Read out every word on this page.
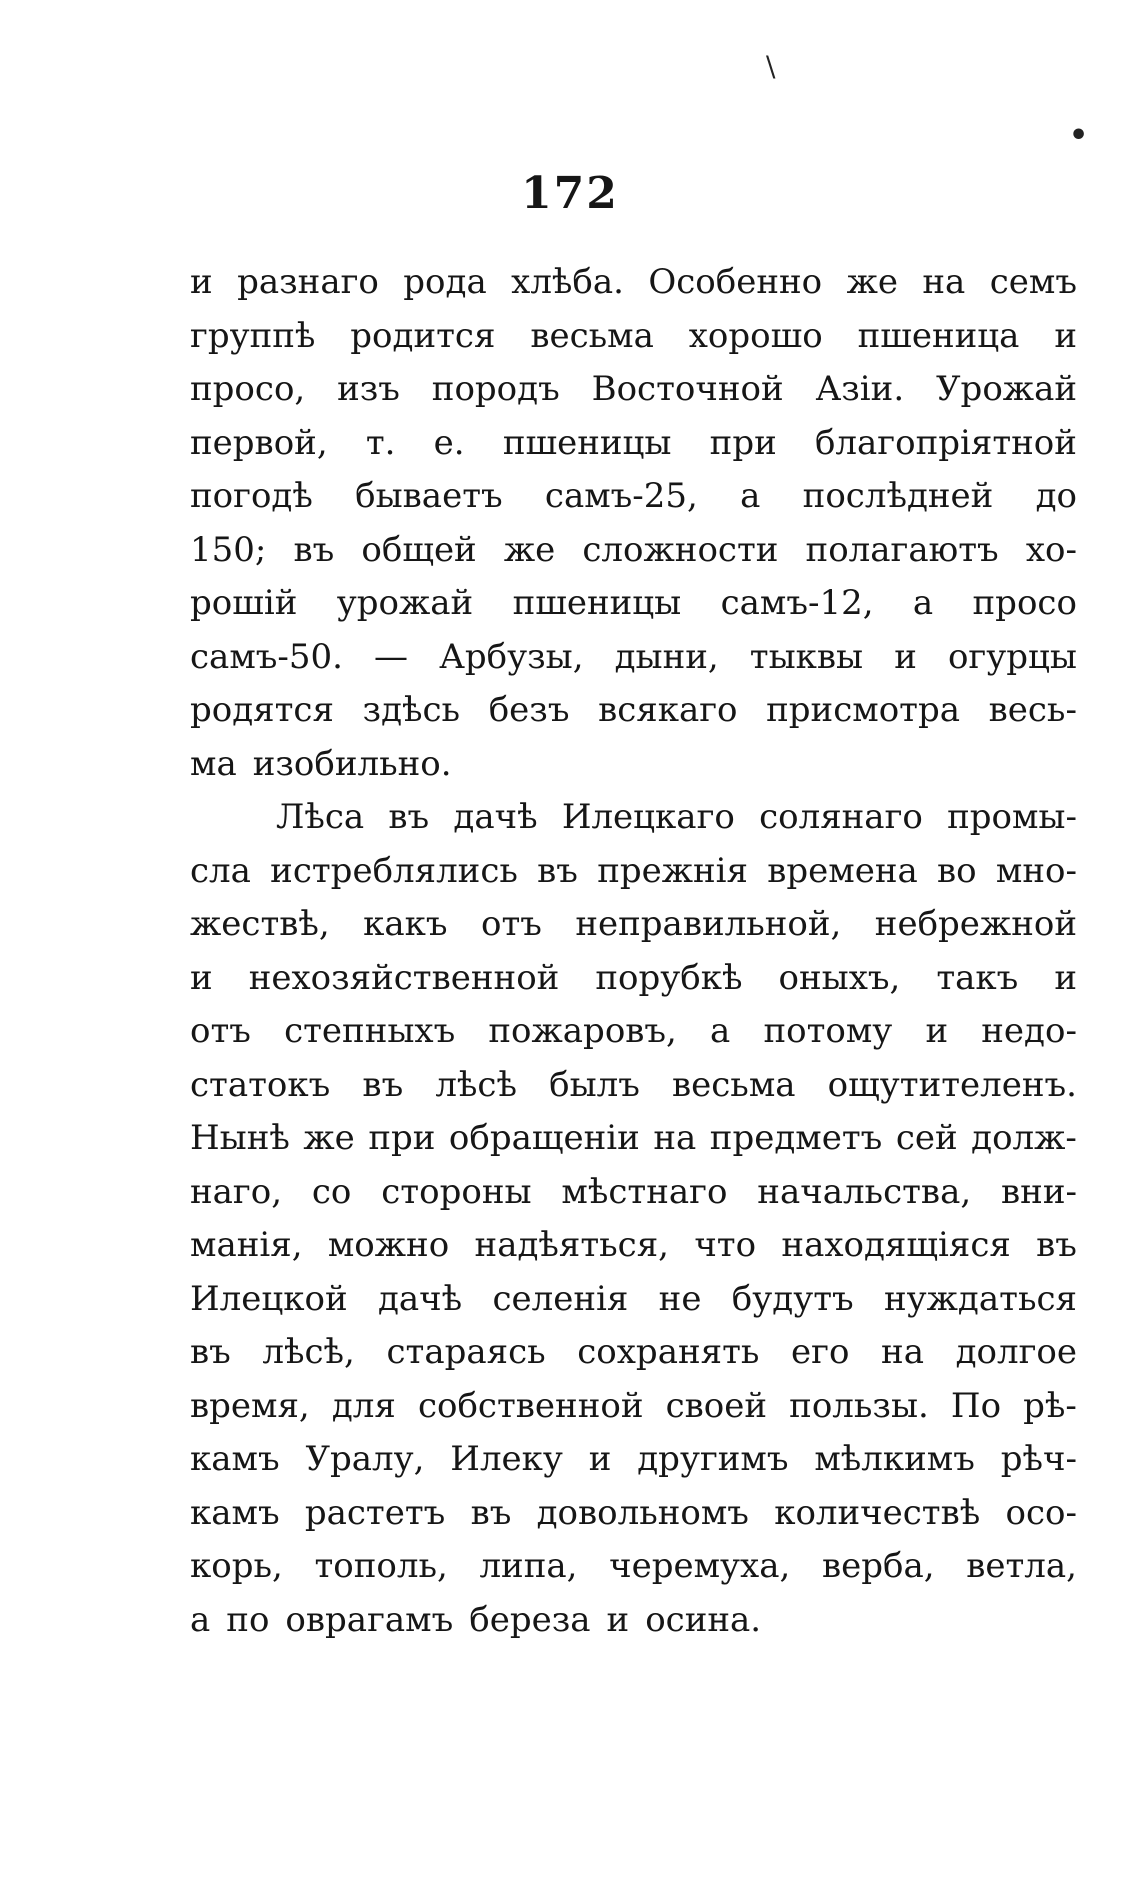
\
•
172
и разнаго рода хлѣба. Особенно же на семъ
группѣ родится весьма хорошо пшеница и
просо, изъ породъ Восточной Азіи. Урожай
первой, т. е. пшеницы при благопріятной
погодѣ бываетъ самъ-25, а послѣдней до
150; въ общей же сложности полагаютъ хо-
рошій урожай пшеницы самъ-12, а просо
самъ-50. — Арбузы, дыни, тыквы и огурцы
родятся здѣсь безъ всякаго присмотра весь-
ма изобильно.
Лѣса въ дачѣ Илецкаго солянаго промы-
сла истреблялись въ прежнія времена во мно-
жествѣ, какъ отъ неправильной, небрежной
и нехозяйственной порубкѣ оныхъ, такъ и
отъ степныхъ пожаровъ, а потому и недо-
статокъ въ лѣсѣ былъ весьма ощутителенъ.
Нынѣ же при обращеніи на предметъ сей долж-
наго, со стороны мѣстнаго начальства, вни-
манія, можно надѣяться, что находящіяся въ
Илецкой дачѣ селенія не будутъ нуждаться
въ лѣсѣ, стараясь сохранять его на долгое
время, для собственной своей пользы. По рѣ-
камъ Уралу, Илеку и другимъ мѣлкимъ рѣч-
камъ растетъ въ довольномъ количествѣ осо-
корь, тополь, липа, черемуха, верба, ветла,
а по оврагамъ береза и осина.
